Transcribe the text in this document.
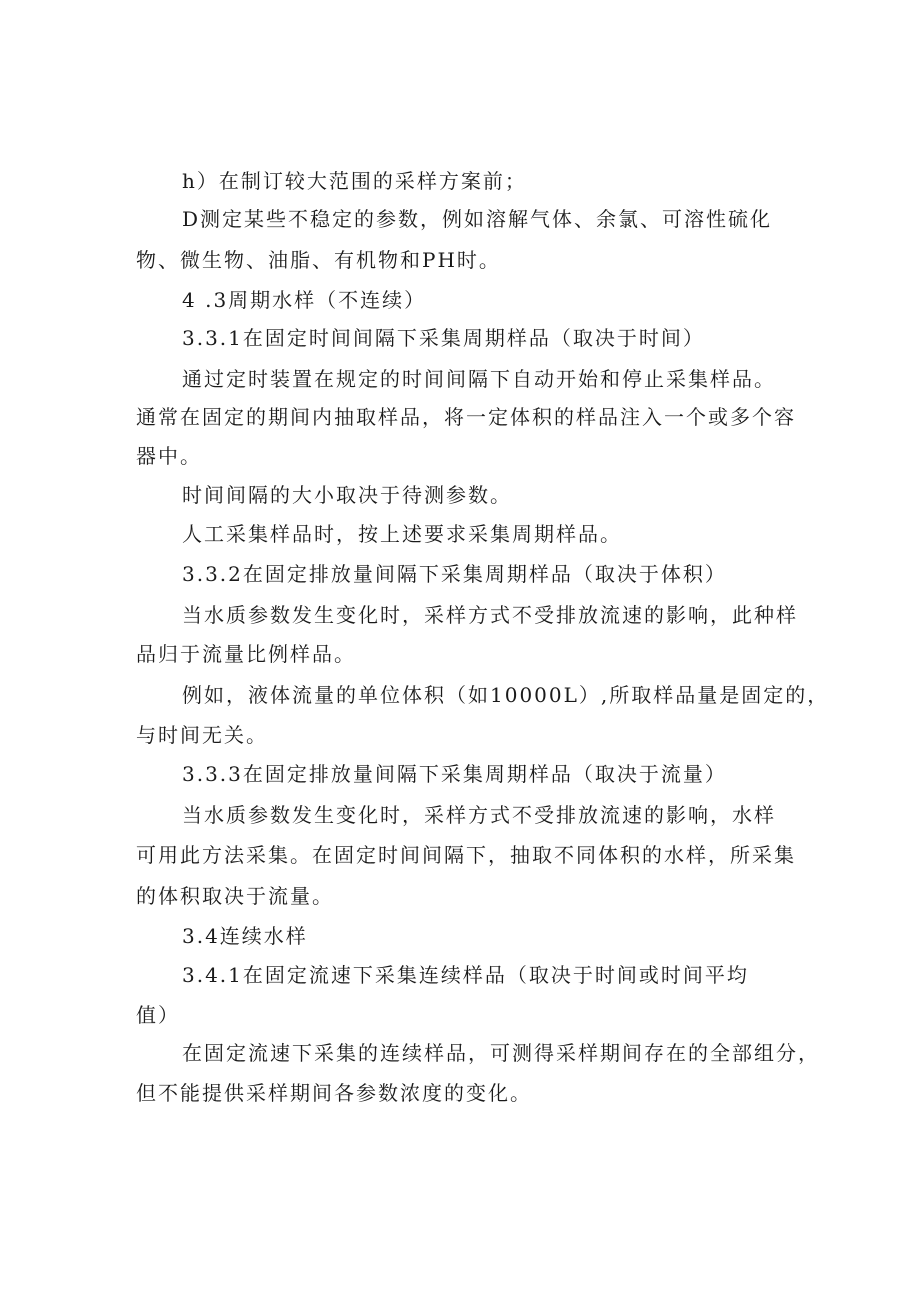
h）在制订较大范围的采样方案前；
D测定某些不稳定的参数，例如溶解气体、余氯、可溶性硫化
物、微生物、油脂、有机物和PH时。
4 .3周期水样（不连续）
3.3.1在固定时间间隔下采集周期样品（取决于时间）
通过定时装置在规定的时间间隔下自动开始和停止采集样品。
通常在固定的期间内抽取样品，将一定体积的样品注入一个或多个容
器中。
时间间隔的大小取决于待测参数。
人工采集样品时，按上述要求采集周期样品。
3.3.2在固定排放量间隔下采集周期样品（取决于体积）
当水质参数发生变化时，采样方式不受排放流速的影响，此种样
品归于流量比例样品。
例如，液体流量的单位体积（如10000L）,所取样品量是固定的，
与时间无关。
3.3.3在固定排放量间隔下采集周期样品（取决于流量）
当水质参数发生变化时，采样方式不受排放流速的影响，水样
可用此方法采集。在固定时间间隔下，抽取不同体积的水样，所采集
的体积取决于流量。
3.4连续水样
3.4.1在固定流速下采集连续样品（取决于时间或时间平均
值）
在固定流速下采集的连续样品，可测得采样期间存在的全部组分，
但不能提供采样期间各参数浓度的变化。
